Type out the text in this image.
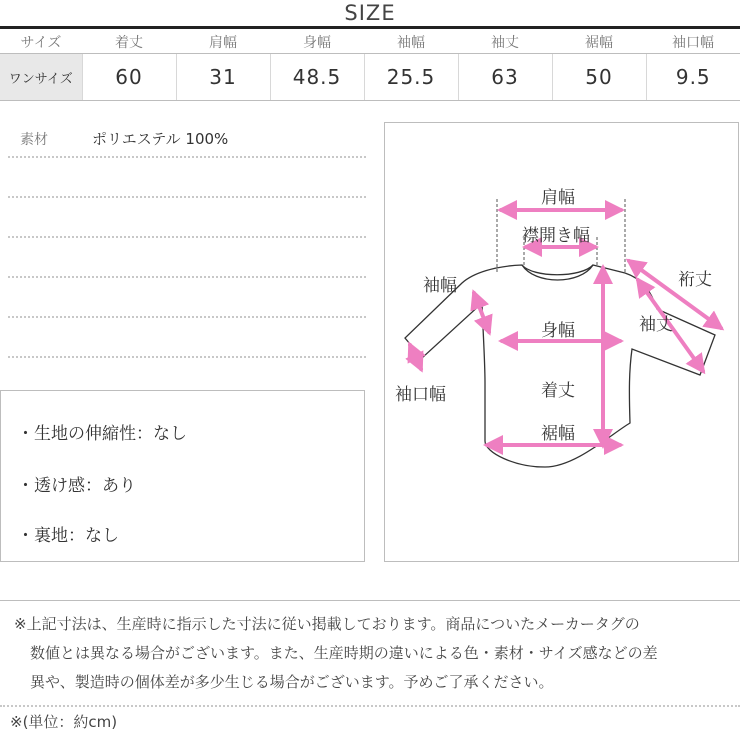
SIZE
サイズ	着丈	肩幅	身幅	袖幅	袖丈	裾幅	袖口幅
ワンサイズ	60	31	48.5	25.5	63	50	9.5
素材	ポリエステル 100%
・生地の伸縮性：なし
・透け感：あり
・裏地：なし
肩幅
襟開き幅
裄丈
袖幅
袖丈
身幅
袖口幅	着丈
裾幅
※上記寸法は、生産時に指示した寸法に従い掲載しております。商品についたメーカータグの
数値とは異なる場合がございます。また、生産時期の違いによる色・素材・サイズ感などの差
異や、製造時の個体差が多少生じる場合がございます。予めご了承ください。
※(単位：約cm)
